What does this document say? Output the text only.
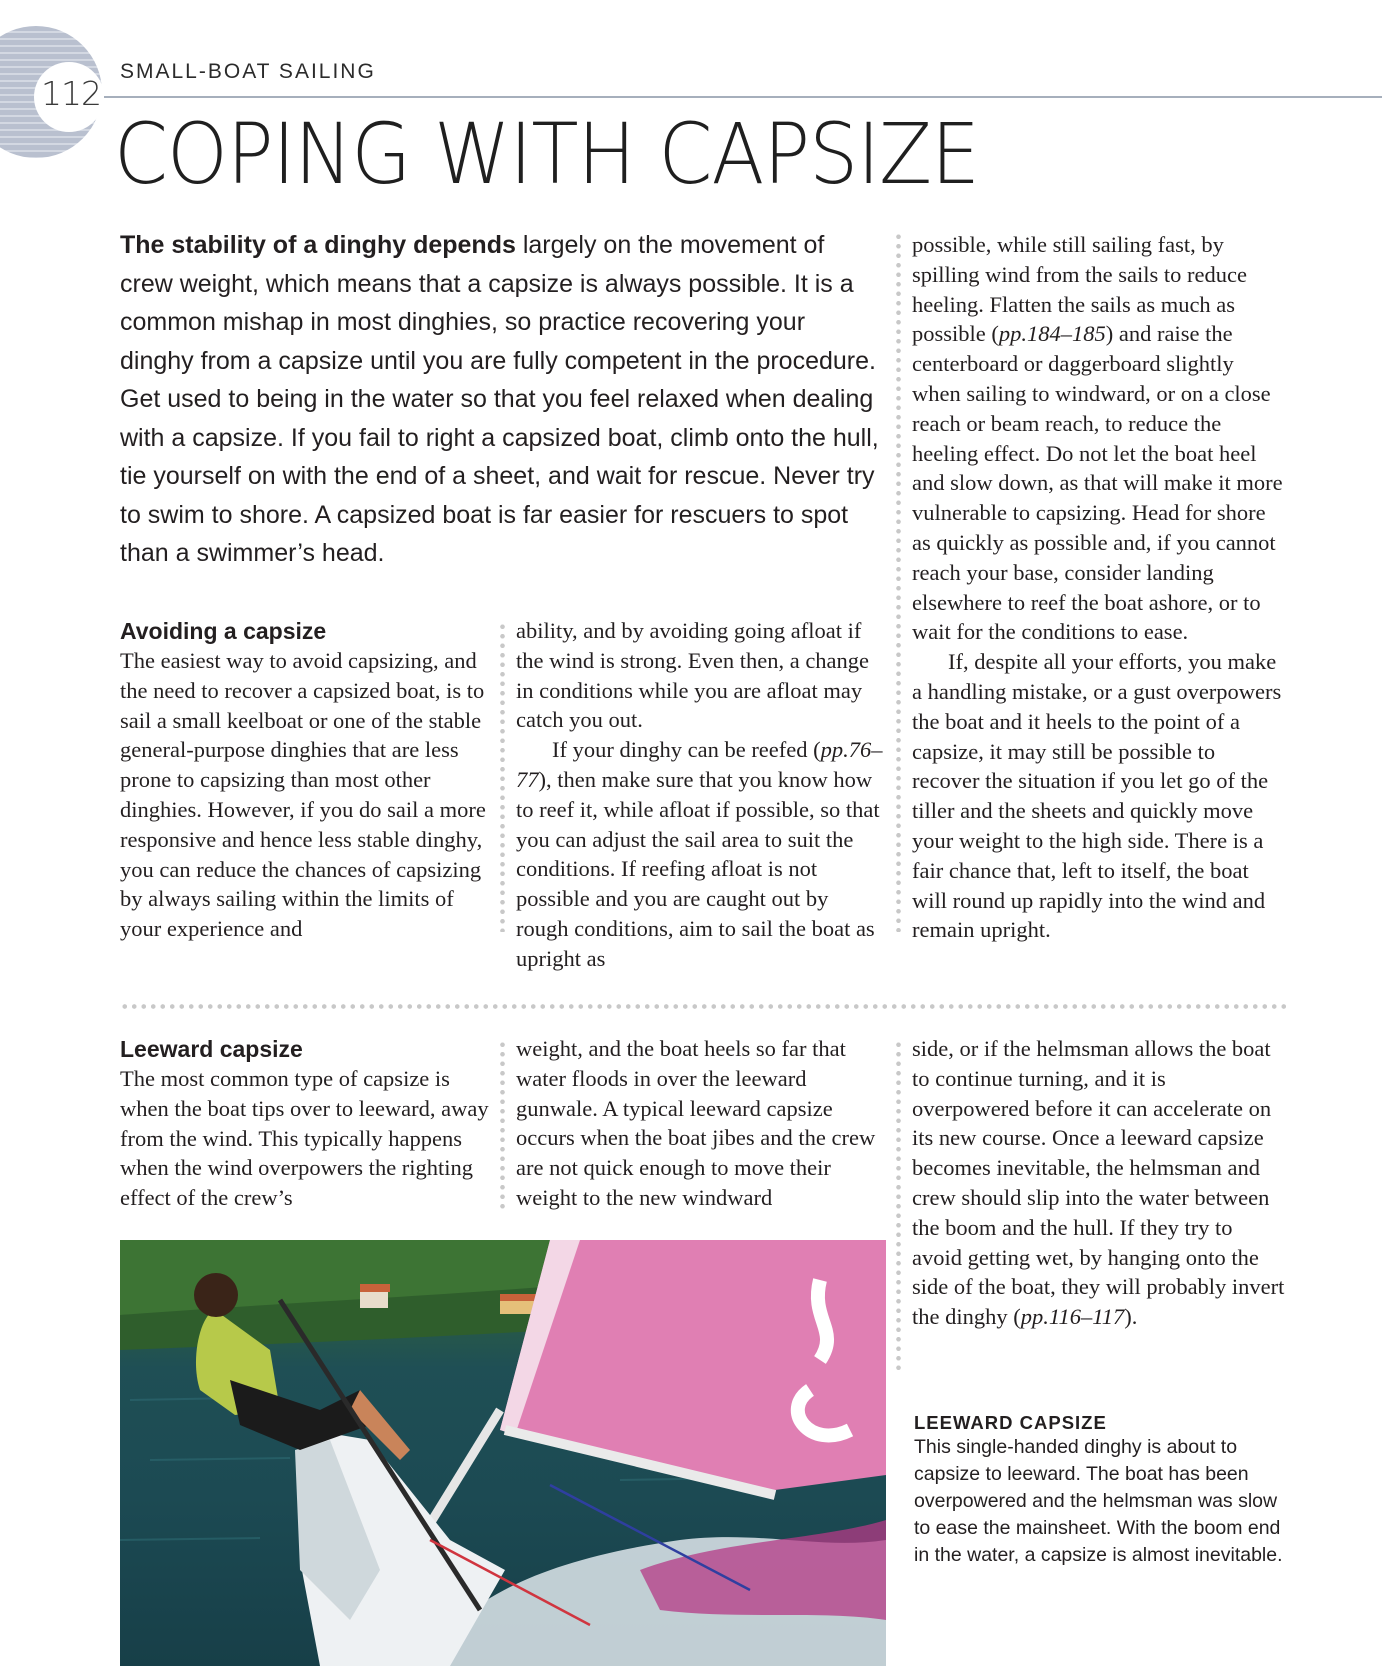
112
SMALL-BOAT SAILING
COPING WITH CAPSIZE
The stability of a dinghy depends largely on the movement of crew weight, which means that a capsize is always possible. It is a common mishap in most dinghies, so practice recovering your dinghy from a capsize until you are fully competent in the procedure. Get used to being in the water so that you feel relaxed when dealing with a capsize. If you fail to right a capsized boat, climb onto the hull, tie yourself on with the end of a sheet, and wait for rescue. Never try to swim to shore. A capsized boat is far easier for rescuers to spot than a swimmer’s head.
possible, while still sailing fast, by spilling wind from the sails to reduce heeling. Flatten the sails as much as possible (pp.184–185) and raise the centerboard or daggerboard slightly when sailing to windward, or on a close reach or beam reach, to reduce the heeling effect. Do not let the boat heel and slow down, as that will make it more vulnerable to capsizing. Head for shore as quickly as possible and, if you cannot reach your base, consider landing elsewhere to reef the boat ashore, or to wait for the conditions to ease.
If, despite all your efforts, you make a handling mistake, or a gust overpowers the boat and it heels to the point of a capsize, it may still be possible to recover the situation if you let go of the tiller and the sheets and quickly move your weight to the high side. There is a fair chance that, left to itself, the boat will round up rapidly into the wind and remain upright.
Avoiding a capsize
The easiest way to avoid capsizing, and the need to recover a capsized boat, is to sail a small keelboat or one of the stable general-purpose dinghies that are less prone to capsizing than most other dinghies. However, if you do sail a more responsive and hence less stable dinghy, you can reduce the chances of capsizing by always sailing within the limits of your experience and
ability, and by avoiding going afloat if the wind is strong. Even then, a change in conditions while you are afloat may catch you out.
If your dinghy can be reefed (pp.76–77), then make sure that you know how to reef it, while afloat if possible, so that you can adjust the sail area to suit the conditions. If reefing afloat is not possible and you are caught out by rough conditions, aim to sail the boat as upright as
Leeward capsize
The most common type of capsize is when the boat tips over to leeward, away from the wind. This typically happens when the wind overpowers the righting effect of the crew’s
weight, and the boat heels so far that water floods in over the leeward gunwale. A typical leeward capsize occurs when the boat jibes and the crew are not quick enough to move their weight to the new windward
side, or if the helmsman allows the boat to continue turning, and it is overpowered before it can accelerate on its new course. Once a leeward capsize becomes inevitable, the helmsman and crew should slip into the water between the boom and the hull. If they try to avoid getting wet, by hanging onto the side of the boat, they will probably invert the dinghy (pp.116–117).
LEEWARD CAPSIZE
This single-handed dinghy is about to capsize to leeward. The boat has been overpowered and the helmsman was slow to ease the mainsheet. With the boom end in the water, a capsize is almost inevitable.
